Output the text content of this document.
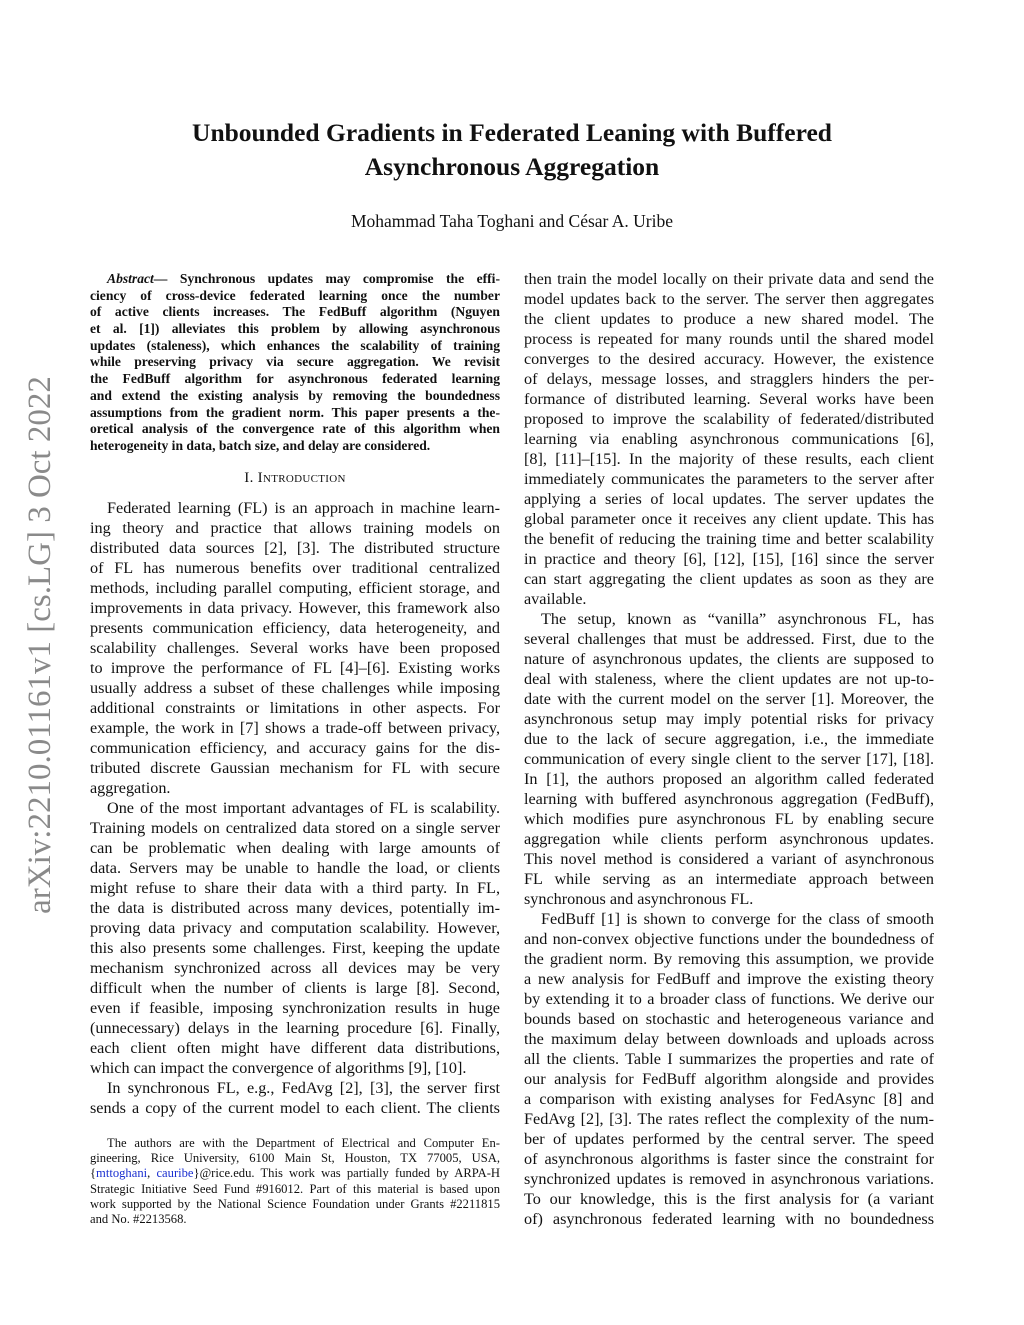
arXiv:2210.01161v1 [cs.LG] 3 Oct 2022
Unbounded Gradients in Federated Leaning with Buffered
Asynchronous Aggregation
Mohammad Taha Toghani and César A. Uribe
Abstract— Synchronous updates may compromise the effi-
ciency of cross-device federated learning once the number
of active clients increases. The FedBuff algorithm (Nguyen
et al. [1]) alleviates this problem by allowing asynchronous
updates (staleness), which enhances the scalability of training
while preserving privacy via secure aggregation. We revisit
the FedBuff algorithm for asynchronous federated learning
and extend the existing analysis by removing the boundedness
assumptions from the gradient norm. This paper presents a the-
oretical analysis of the convergence rate of this algorithm when
heterogeneity in data, batch size, and delay are considered.
I. Introduction
Federated learning (FL) is an approach in machine learn-
ing theory and practice that allows training models on
distributed data sources [2], [3]. The distributed structure
of FL has numerous benefits over traditional centralized
methods, including parallel computing, efficient storage, and
improvements in data privacy. However, this framework also
presents communication efficiency, data heterogeneity, and
scalability challenges. Several works have been proposed
to improve the performance of FL [4]–[6]. Existing works
usually address a subset of these challenges while imposing
additional constraints or limitations in other aspects. For
example, the work in [7] shows a trade-off between privacy,
communication efficiency, and accuracy gains for the dis-
tributed discrete Gaussian mechanism for FL with secure
aggregation.
One of the most important advantages of FL is scalability.
Training models on centralized data stored on a single server
can be problematic when dealing with large amounts of
data. Servers may be unable to handle the load, or clients
might refuse to share their data with a third party. In FL,
the data is distributed across many devices, potentially im-
proving data privacy and computation scalability. However,
this also presents some challenges. First, keeping the update
mechanism synchronized across all devices may be very
difficult when the number of clients is large [8]. Second,
even if feasible, imposing synchronization results in huge
(unnecessary) delays in the learning procedure [6]. Finally,
each client often might have different data distributions,
which can impact the convergence of algorithms [9], [10].
In synchronous FL, e.g., FedAvg [2], [3], the server first
sends a copy of the current model to each client. The clients
then train the model locally on their private data and send the
model updates back to the server. The server then aggregates
the client updates to produce a new shared model. The
process is repeated for many rounds until the shared model
converges to the desired accuracy. However, the existence
of delays, message losses, and stragglers hinders the per-
formance of distributed learning. Several works have been
proposed to improve the scalability of federated/distributed
learning via enabling asynchronous communications [6],
[8], [11]–[15]. In the majority of these results, each client
immediately communicates the parameters to the server after
applying a series of local updates. The server updates the
global parameter once it receives any client update. This has
the benefit of reducing the training time and better scalability
in practice and theory [6], [12], [15], [16] since the server
can start aggregating the client updates as soon as they are
available.
The setup, known as “vanilla” asynchronous FL, has
several challenges that must be addressed. First, due to the
nature of asynchronous updates, the clients are supposed to
deal with staleness, where the client updates are not up-to-
date with the current model on the server [1]. Moreover, the
asynchronous setup may imply potential risks for privacy
due to the lack of secure aggregation, i.e., the immediate
communication of every single client to the server [17], [18].
In [1], the authors proposed an algorithm called federated
learning with buffered asynchronous aggregation (FedBuff),
which modifies pure asynchronous FL by enabling secure
aggregation while clients perform asynchronous updates.
This novel method is considered a variant of asynchronous
FL while serving as an intermediate approach between
synchronous and asynchronous FL.
FedBuff [1] is shown to converge for the class of smooth
and non-convex objective functions under the boundedness of
the gradient norm. By removing this assumption, we provide
a new analysis for FedBuff and improve the existing theory
by extending it to a broader class of functions. We derive our
bounds based on stochastic and heterogeneous variance and
the maximum delay between downloads and uploads across
all the clients. Table I summarizes the properties and rate of
our analysis for FedBuff algorithm alongside and provides
a comparison with existing analyses for FedAsync [8] and
FedAvg [2], [3]. The rates reflect the complexity of the num-
ber of updates performed by the central server. The speed
of asynchronous algorithms is faster since the constraint for
synchronized updates is removed in asynchronous variations.
To our knowledge, this is the first analysis for (a variant
of) asynchronous federated learning with no boundedness
The authors are with the Department of Electrical and Computer En-
gineering, Rice University, 6100 Main St, Houston, TX 77005, USA,
{mttoghani, cauribe}@rice.edu. This work was partially funded by ARPA-H
Strategic Initiative Seed Fund #916012. Part of this material is based upon
work supported by the National Science Foundation under Grants #2211815
and No. #2213568.
